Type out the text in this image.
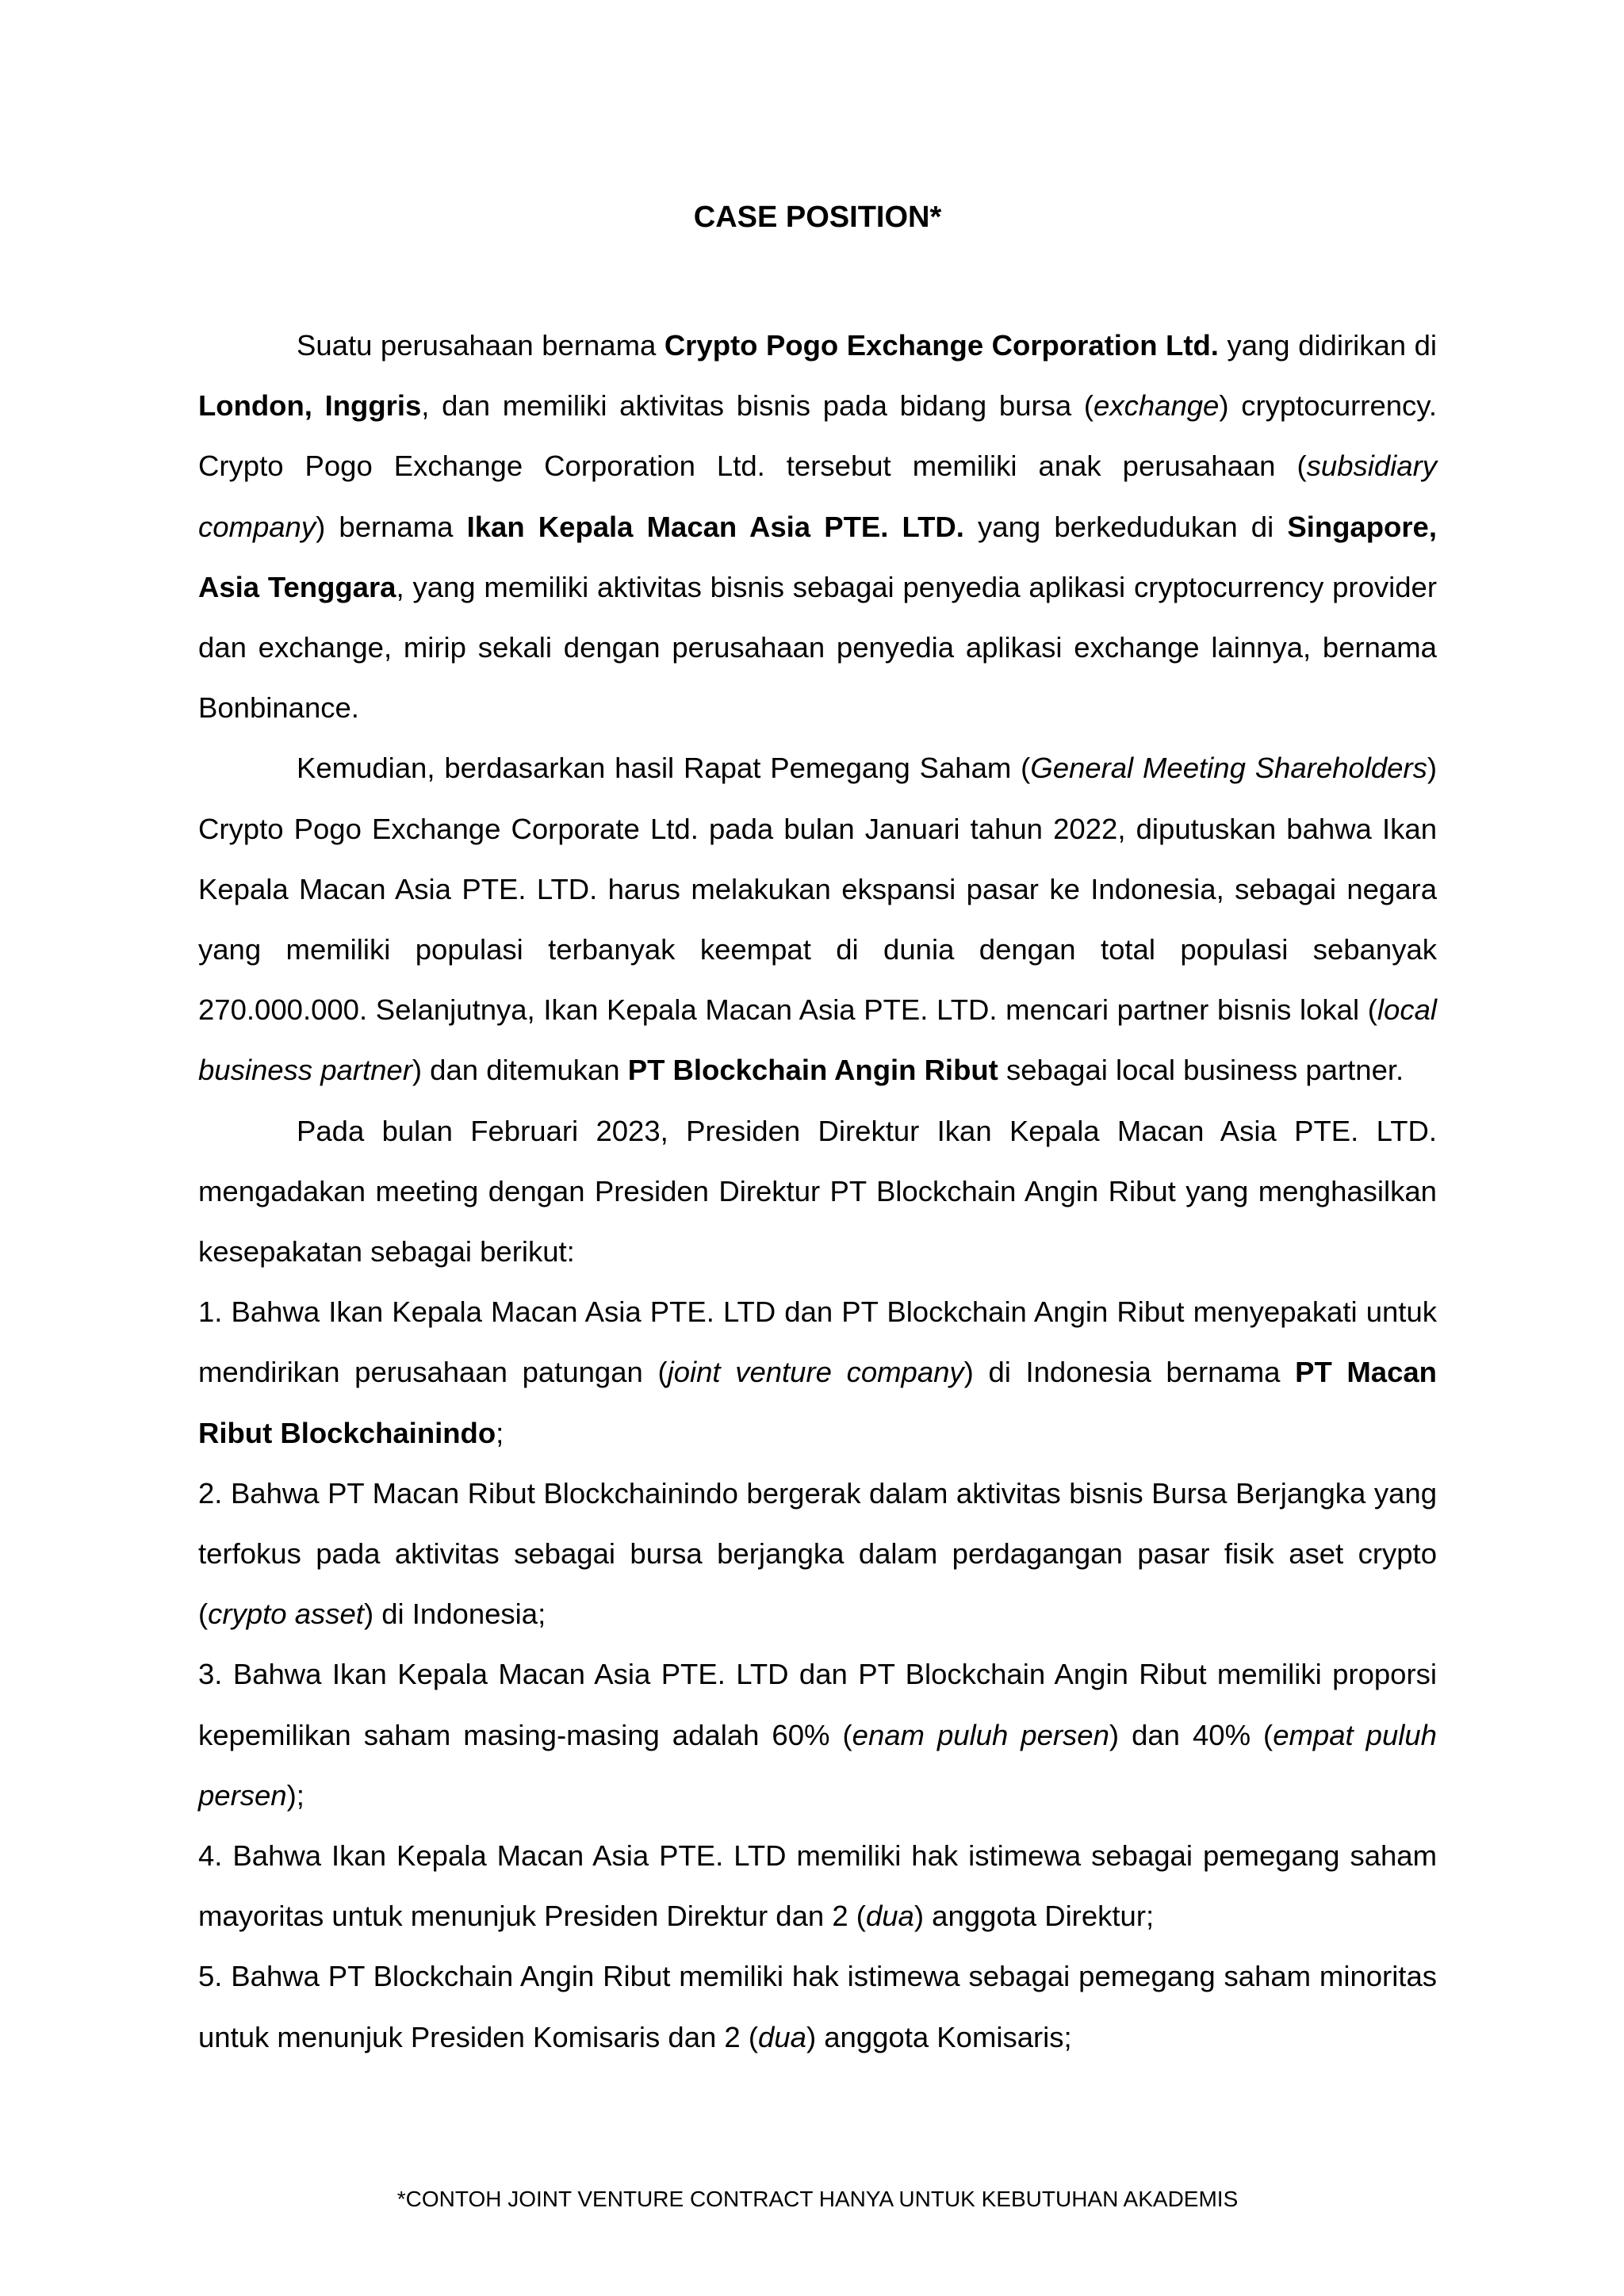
CASE POSITION*

Suatu perusahaan bernama Crypto Pogo Exchange Corporation Ltd. yang didirikan di London, Inggris, dan memiliki aktivitas bisnis pada bidang bursa (exchange) cryptocurrency. Crypto Pogo Exchange Corporation Ltd. tersebut memiliki anak perusahaan (subsidiary company) bernama Ikan Kepala Macan Asia PTE. LTD. yang berkedudukan di Singapore, Asia Tenggara, yang memiliki aktivitas bisnis sebagai penyedia aplikasi cryptocurrency provider dan exchange, mirip sekali dengan perusahaan penyedia aplikasi exchange lainnya, bernama Bonbinance.

Kemudian, berdasarkan hasil Rapat Pemegang Saham (General Meeting Shareholders) Crypto Pogo Exchange Corporate Ltd. pada bulan Januari tahun 2022, diputuskan bahwa Ikan Kepala Macan Asia PTE. LTD. harus melakukan ekspansi pasar ke Indonesia, sebagai negara yang memiliki populasi terbanyak keempat di dunia dengan total populasi sebanyak 270.000.000. Selanjutnya, Ikan Kepala Macan Asia PTE. LTD. mencari partner bisnis lokal (local business partner) dan ditemukan PT Blockchain Angin Ribut sebagai local business partner.

Pada bulan Februari 2023, Presiden Direktur Ikan Kepala Macan Asia PTE. LTD. mengadakan meeting dengan Presiden Direktur PT Blockchain Angin Ribut yang menghasilkan kesepakatan sebagai berikut:

1. Bahwa Ikan Kepala Macan Asia PTE. LTD dan PT Blockchain Angin Ribut menyepakati untuk mendirikan perusahaan patungan (joint venture company) di Indonesia bernama PT Macan Ribut Blockchainindo;

2. Bahwa PT Macan Ribut Blockchainindo bergerak dalam aktivitas bisnis Bursa Berjangka yang terfokus pada aktivitas sebagai bursa berjangka dalam perdagangan pasar fisik aset crypto (crypto asset) di Indonesia;

3. Bahwa Ikan Kepala Macan Asia PTE. LTD dan PT Blockchain Angin Ribut memiliki proporsi kepemilikan saham masing-masing adalah 60% (enam puluh persen) dan 40% (empat puluh persen);

4. Bahwa Ikan Kepala Macan Asia PTE. LTD memiliki hak istimewa sebagai pemegang saham mayoritas untuk menunjuk Presiden Direktur dan 2 (dua) anggota Direktur;

5. Bahwa PT Blockchain Angin Ribut memiliki hak istimewa sebagai pemegang saham minoritas untuk menunjuk Presiden Komisaris dan 2 (dua) anggota Komisaris;

*CONTOH JOINT VENTURE CONTRACT HANYA UNTUK KEBUTUHAN AKADEMIS
